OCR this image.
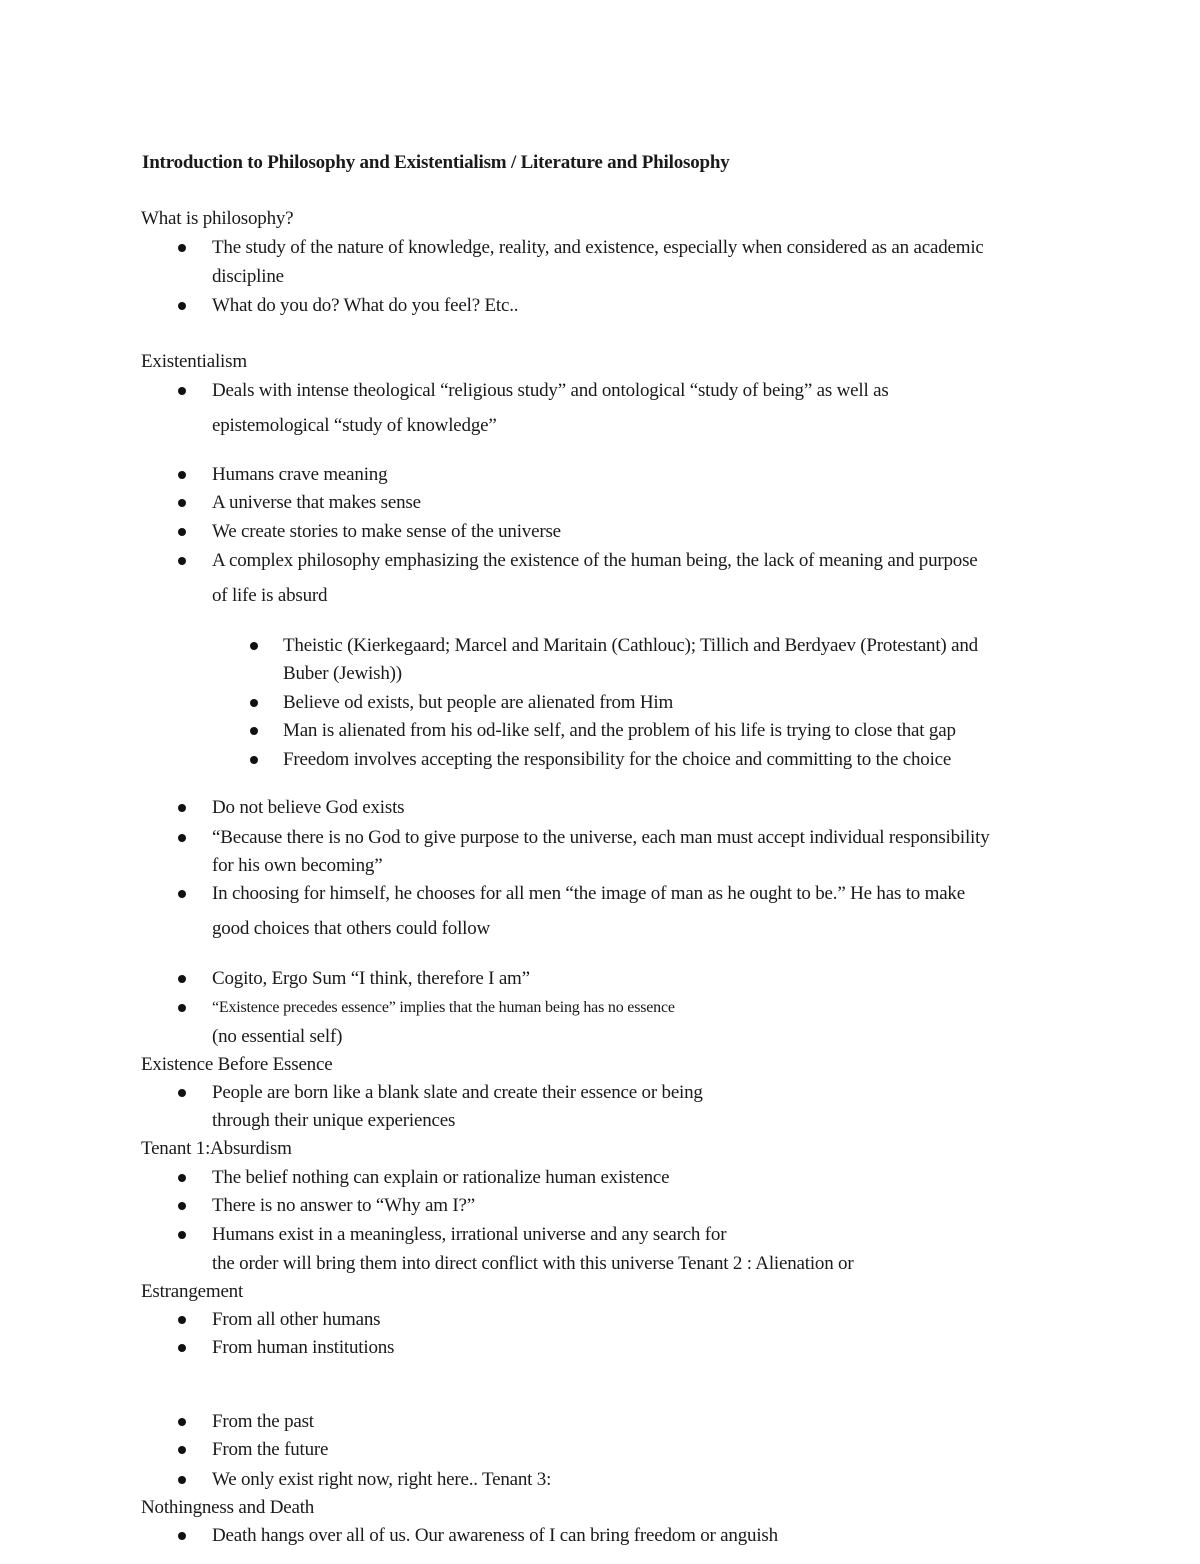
Introduction to Philosophy and Existentialism / Literature and Philosophy
What is philosophy?
The study of the nature of knowledge, reality, and existence, especially when considered as an academic
discipline
What do you do? What do you feel? Etc..
Existentialism
Deals with intense theological “religious study” and ontological “study of being” as well as
epistemological “study of knowledge”
Humans crave meaning
A universe that makes sense
We create stories to make sense of the universe
A complex philosophy emphasizing the existence of the human being, the lack of meaning and purpose
of life is absurd
Theistic (Kierkegaard; Marcel and Maritain (Cathlouc); Tillich and Berdyaev (Protestant) and
Buber (Jewish))
Believe od exists, but people are alienated from Him
Man is alienated from his od-like self, and the problem of his life is trying to close that gap
Freedom involves accepting the responsibility for the choice and committing to the choice
Do not believe God exists
“Because there is no God to give purpose to the universe, each man must accept individual responsibility
for his own becoming”
In choosing for himself, he chooses for all men “the image of man as he ought to be.” He has to make
good choices that others could follow
Cogito, Ergo Sum “I think, therefore I am”
“Existence precedes essence” implies that the human being has no essence
(no essential self)
Existence Before Essence
People are born like a blank slate and create their essence or being
through their unique experiences
Tenant 1:Absurdism
The belief nothing can explain or rationalize human existence
There is no answer to “Why am I?”
Humans exist in a meaningless, irrational universe and any search for
the order will bring them into direct conflict with this universe Tenant 2 : Alienation or
Estrangement
From all other humans
From human institutions
From the past
From the future
We only exist right now, right here.. Tenant 3:
Nothingness and Death
Death hangs over all of us. Our awareness of I can bring freedom or anguish
